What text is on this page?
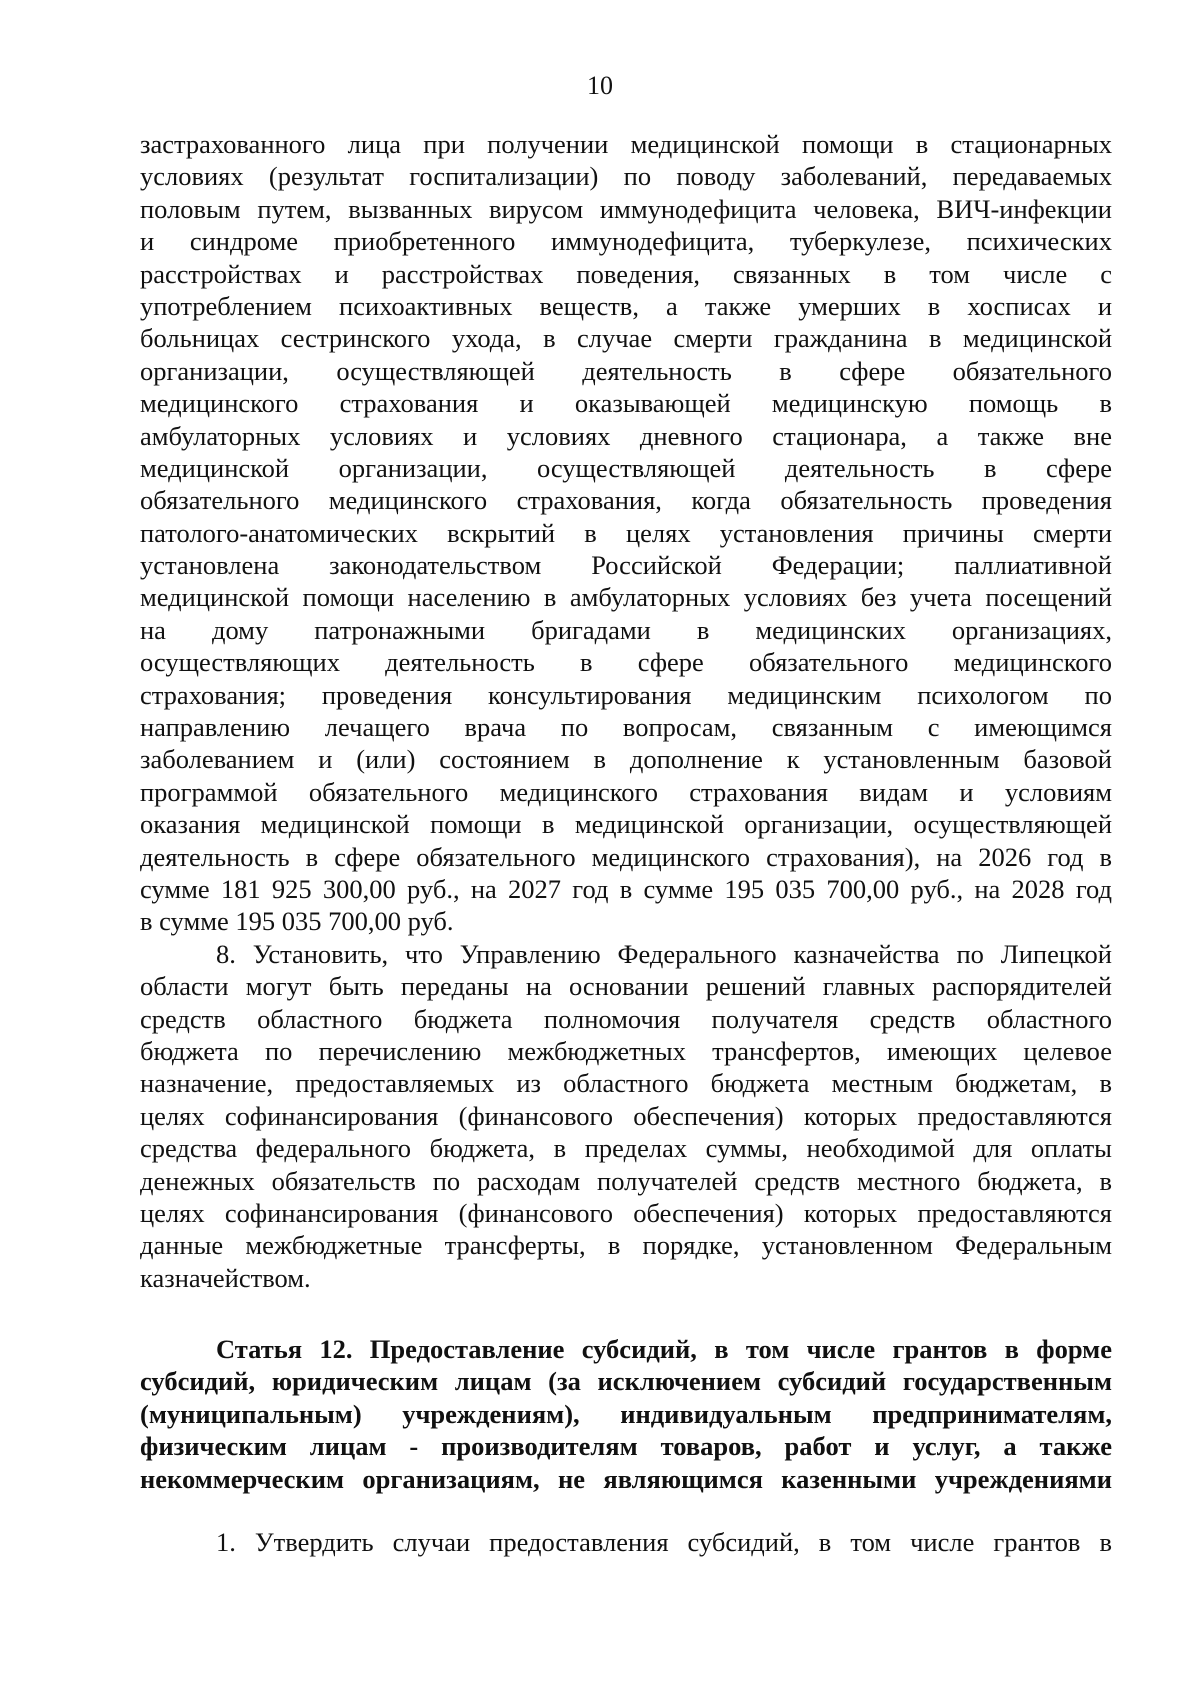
10
застрахованного лица при получении медицинской помощи в стационарных
условиях (результат госпитализации) по поводу заболеваний, передаваемых
половым путем, вызванных вирусом иммунодефицита человека, ВИЧ-инфекции
и синдроме приобретенного иммунодефицита, туберкулезе, психических
расстройствах и расстройствах поведения, связанных в том числе с
употреблением психоактивных веществ, а также умерших в хосписах и
больницах сестринского ухода, в случае смерти гражданина в медицинской
организации, осуществляющей деятельность в сфере обязательного
медицинского страхования и оказывающей медицинскую помощь в
амбулаторных условиях и условиях дневного стационара, а также вне
медицинской организации, осуществляющей деятельность в сфере
обязательного медицинского страхования, когда обязательность проведения
патолого-анатомических вскрытий в целях установления причины смерти
установлена законодательством Российской Федерации; паллиативной
медицинской помощи населению в амбулаторных условиях без учета посещений
на дому патронажными бригадами в медицинских организациях,
осуществляющих деятельность в сфере обязательного медицинского
страхования; проведения консультирования медицинским психологом по
направлению лечащего врача по вопросам, связанным с имеющимся
заболеванием и (или) состоянием в дополнение к установленным базовой
программой обязательного медицинского страхования видам и условиям
оказания медицинской помощи в медицинской организации, осуществляющей
деятельность в сфере обязательного медицинского страхования), на 2026 год в
сумме 181 925 300,00 руб., на 2027 год в сумме 195 035 700,00 руб., на 2028 год
в сумме 195 035 700,00 руб.
8. Установить, что Управлению Федерального казначейства по Липецкой
области могут быть переданы на основании решений главных распорядителей
средств областного бюджета полномочия получателя средств областного
бюджета по перечислению межбюджетных трансфертов, имеющих целевое
назначение, предоставляемых из областного бюджета местным бюджетам, в
целях софинансирования (финансового обеспечения) которых предоставляются
средства федерального бюджета, в пределах суммы, необходимой для оплаты
денежных обязательств по расходам получателей средств местного бюджета, в
целях софинансирования (финансового обеспечения) которых предоставляются
данные межбюджетные трансферты, в порядке, установленном Федеральным
казначейством.
Статья 12. Предоставление субсидий, в том числе грантов в форме
субсидий, юридическим лицам (за исключением субсидий государственным
(муниципальным) учреждениям), индивидуальным предпринимателям,
физическим лицам - производителям товаров, работ и услуг, а также
некоммерческим организациям, не являющимся казенными учреждениями
1. Утвердить случаи предоставления субсидий, в том числе грантов в
